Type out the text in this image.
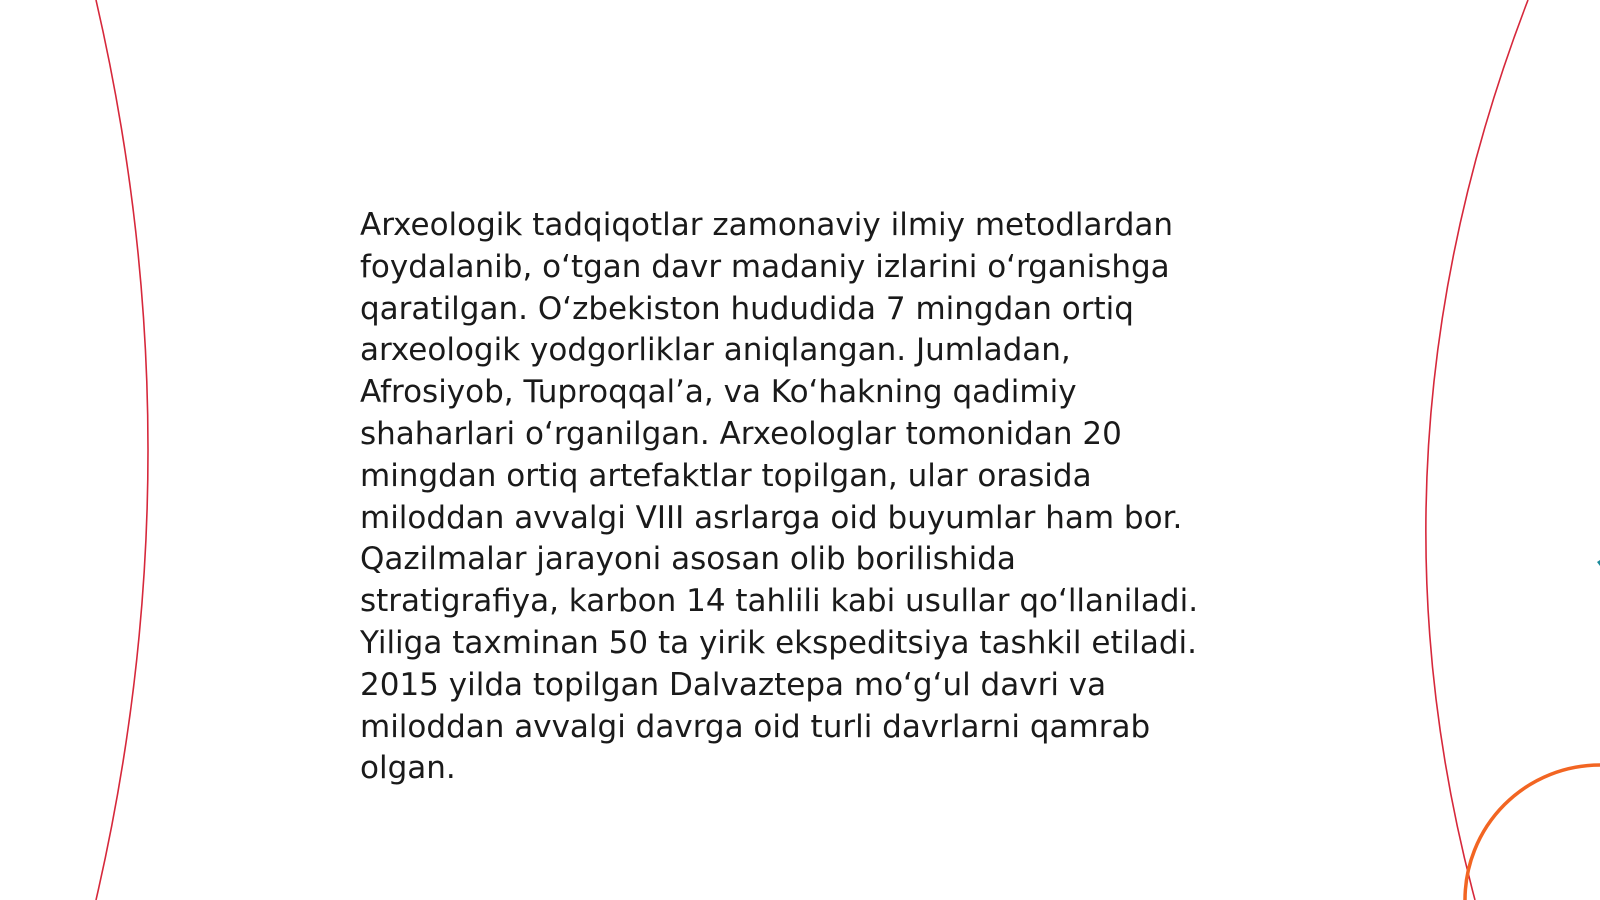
Arxeologik tadqiqotlar zamonaviy ilmiy metodlardan
foydalanib, o‘tgan davr madaniy izlarini o‘rganishga
qaratilgan. O‘zbekiston hududida 7 mingdan ortiq
arxeologik yodgorliklar aniqlangan. Jumladan,
Afrosiyob, Tuproqqal’a, va Ko‘hakning qadimiy
shaharlari o‘rganilgan. Arxeologlar tomonidan 20
mingdan ortiq artefaktlar topilgan, ular orasida
miloddan avvalgi VIII asrlarga oid buyumlar ham bor.
Qazilmalar jarayoni asosan olib borilishida
stratigrafiya, karbon 14 tahlili kabi usullar qo‘llaniladi.
Yiliga taxminan 50 ta yirik ekspeditsiya tashkil etiladi.
2015 yilda topilgan Dalvaztepa mo‘g‘ul davri va
miloddan avvalgi davrga oid turli davrlarni qamrab
olgan.
